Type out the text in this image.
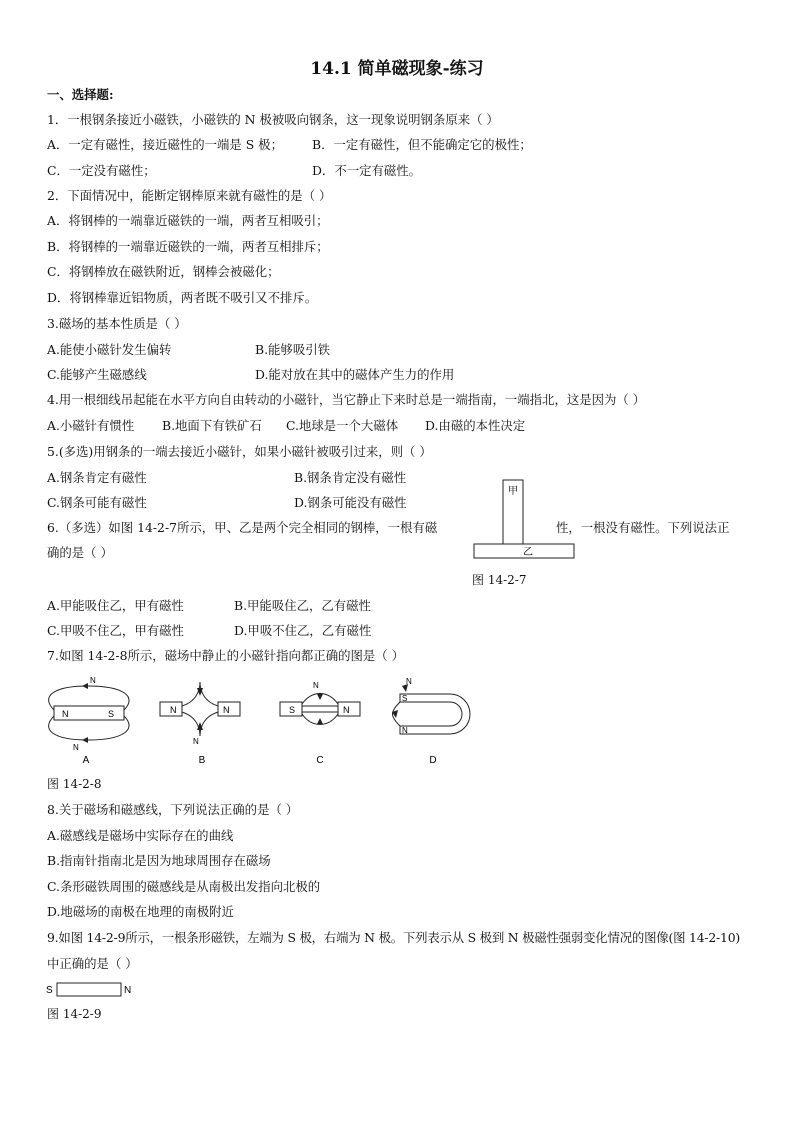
14.1 简单磁现象-练习
一、选择题:
1．一根钢条接近小磁铁，小磁铁的 N 极被吸向钢条，这一现象说明钢条原来（ ）
A．一定有磁性，接近磁性的一端是 S 极； B．一定有磁性，但不能确定它的极性；
C．一定没有磁性；	D．不一定有磁性。
2．下面情况中，能断定钢棒原来就有磁性的是（ ）
A．将钢棒的一端靠近磁铁的一端，两者互相吸引；
B．将钢棒的一端靠近磁铁的一端，两者互相排斥；
C．将钢棒放在磁铁附近，钢棒会被磁化；
D．将钢棒靠近铝物质，两者既不吸引又不排斥。
3.磁场的基本性质是（ ）
A.能使小磁针发生偏转	B.能够吸引铁
C.能够产生磁感线	D.能对放在其中的磁体产生力的作用
4.用一根细线吊起能在水平方向自由转动的小磁针，当它静止下来时总是一端指南，一端指北，这是因为（ ）
A.小磁针有惯性 B.地面下有铁矿石 C.地球是一个大磁体 D.由磁的本性决定
5.(多选)用钢条的一端去接近小磁针，如果小磁针被吸引过来，则（ ）
A.钢条肯定有磁性	B.钢条肯定没有磁性
C.钢条可能有磁性	D.钢条可能没有磁性
6.（多选）如图 14-2-7所示，甲、乙是两个完全相同的钢棒，一根有磁	性，一根没有磁性。下列说法正
确的是（ ）
甲
乙
图 14-2-7
A.甲能吸住乙，甲有磁性	B.甲能吸住乙，乙有磁性
C.甲吸不住乙，甲有磁性	D.甲吸不住乙，乙有磁性
7.如图 14-2-8所示，磁场中静止的小磁针指向都正确的图是（ ）
N	S
N
N
A
N	N
N
B
S	N
N
C
S
N
N
D
图 14-2-8
8.关于磁场和磁感线，下列说法正确的是（ ）
A.磁感线是磁场中实际存在的曲线
B.指南针指南北是因为地球周围存在磁场
C.条形磁铁周围的磁感线是从南极出发指向北极的
D.地磁场的南极在地理的南极附近
9.如图 14-2-9所示，一根条形磁铁，左端为 S 极，右端为 N 极。下列表示从 S 极到 N 极磁性强弱变化情况的图像(图 14-2-10)
中正确的是（ ）
S	N
图 14-2-9
